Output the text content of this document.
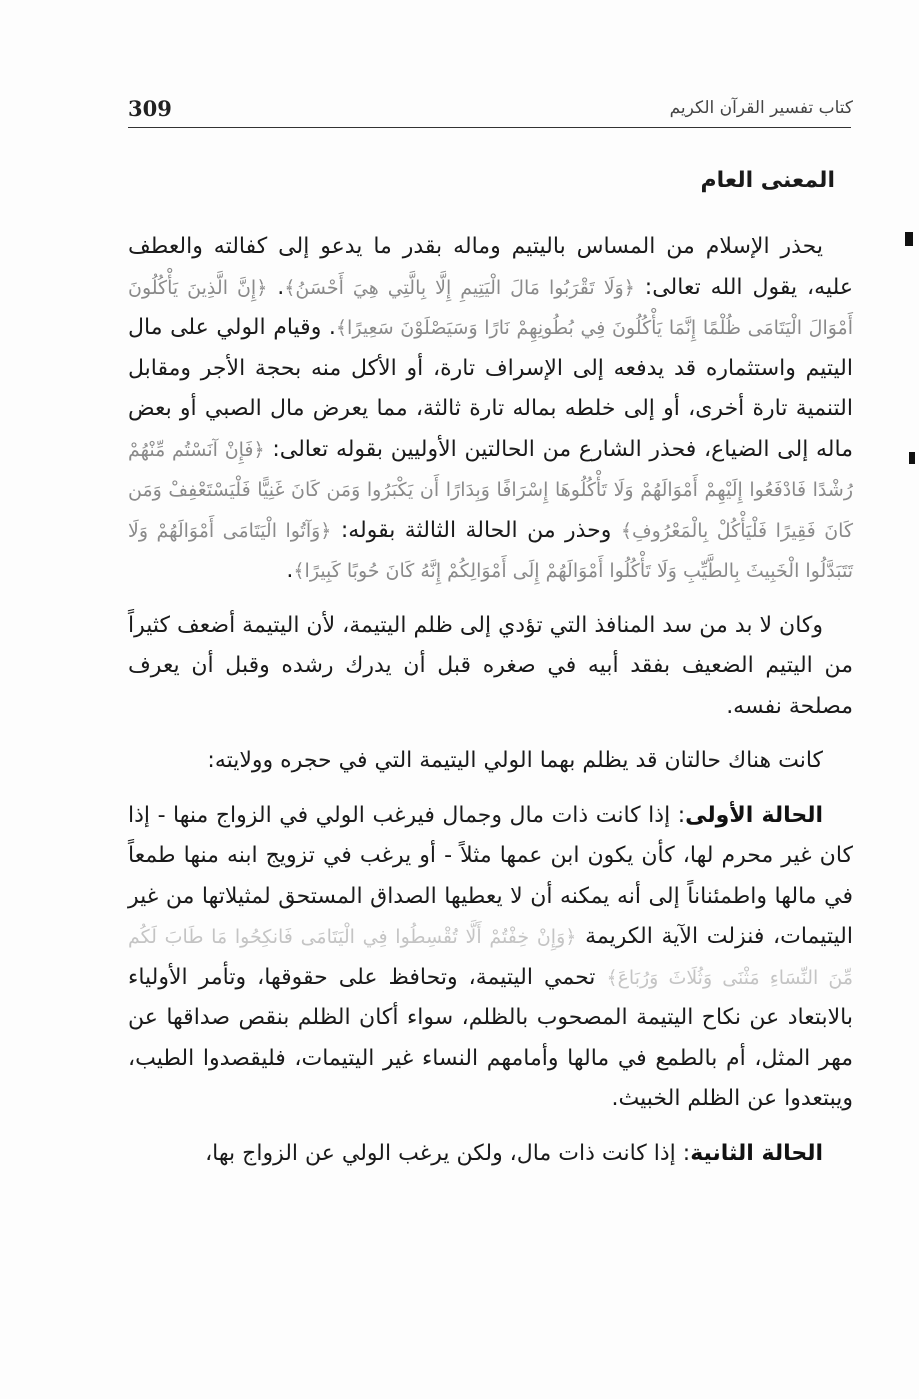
309	كتاب تفسير القرآن الكريم
المعنى العام

يحذر الإسلام من المساس باليتيم وماله بقدر ما يدعو إلى كفالته والعطف عليه، يقول الله تعالى: ﴿وَلَا تَقْرَبُوا مَالَ الْيَتِيمِ إِلَّا بِالَّتِي هِيَ أَحْسَنُ﴾. ﴿إِنَّ الَّذِينَ يَأْكُلُونَ أَمْوَالَ الْيَتَامَى ظُلْمًا إِنَّمَا يَأْكُلُونَ فِي بُطُونِهِمْ نَارًا وَسَيَصْلَوْنَ سَعِيرًا﴾. وقيام الولي على مال اليتيم واستثماره قد يدفعه إلى الإسراف تارة، أو الأكل منه بحجة الأجر ومقابل التنمية تارة أخرى، أو إلى خلطه بماله تارة ثالثة، مما يعرض مال الصبي أو بعض ماله إلى الضياع، فحذر الشارع من الحالتين الأوليين بقوله تعالى: ﴿فَإِنْ آنَسْتُم مِّنْهُمْ رُشْدًا فَادْفَعُوا إِلَيْهِمْ أَمْوَالَهُمْ وَلَا تَأْكُلُوهَا إِسْرَافًا وَبِدَارًا أَن يَكْبَرُوا وَمَن كَانَ غَنِيًّا فَلْيَسْتَعْفِفْ وَمَن كَانَ فَقِيرًا فَلْيَأْكُلْ بِالْمَعْرُوفِ﴾ وحذر من الحالة الثالثة بقوله: ﴿وَآتُوا الْيَتَامَى أَمْوَالَهُمْ وَلَا تَتَبَدَّلُوا الْخَبِيثَ بِالطَّيِّبِ وَلَا تَأْكُلُوا أَمْوَالَهُمْ إِلَى أَمْوَالِكُمْ إِنَّهُ كَانَ حُوبًا كَبِيرًا﴾.

وكان لا بد من سد المنافذ التي تؤدي إلى ظلم اليتيمة، لأن اليتيمة أضعف كثيراً من اليتيم الضعيف بفقد أبيه في صغره قبل أن يدرك رشده وقبل أن يعرف مصلحة نفسه.

كانت هناك حالتان قد يظلم بهما الولي اليتيمة التي في حجره وولايته:

الحالة الأولى: إذا كانت ذات مال وجمال فيرغب الولي في الزواج منها - إذا كان غير محرم لها، كأن يكون ابن عمها مثلاً - أو يرغب في تزويج ابنه منها طمعاً في مالها واطمئناناً إلى أنه يمكنه أن لا يعطيها الصداق المستحق لمثيلاتها من غير اليتيمات، فنزلت الآية الكريمة ﴿وَإِنْ خِفْتُمْ أَلَّا تُقْسِطُوا فِي الْيَتَامَى فَانكِحُوا مَا طَابَ لَكُم مِّنَ النِّسَاءِ مَثْنَى وَثُلَاثَ وَرُبَاعَ﴾ تحمي اليتيمة، وتحافظ على حقوقها، وتأمر الأولياء بالابتعاد عن نكاح اليتيمة المصحوب بالظلم، سواء أكان الظلم بنقص صداقها عن مهر المثل، أم بالطمع في مالها وأمامهم النساء غير اليتيمات، فليقصدوا الطيب، ويبتعدوا عن الظلم الخبيث.

الحالة الثانية: إذا كانت ذات مال، ولكن يرغب الولي عن الزواج بها،
